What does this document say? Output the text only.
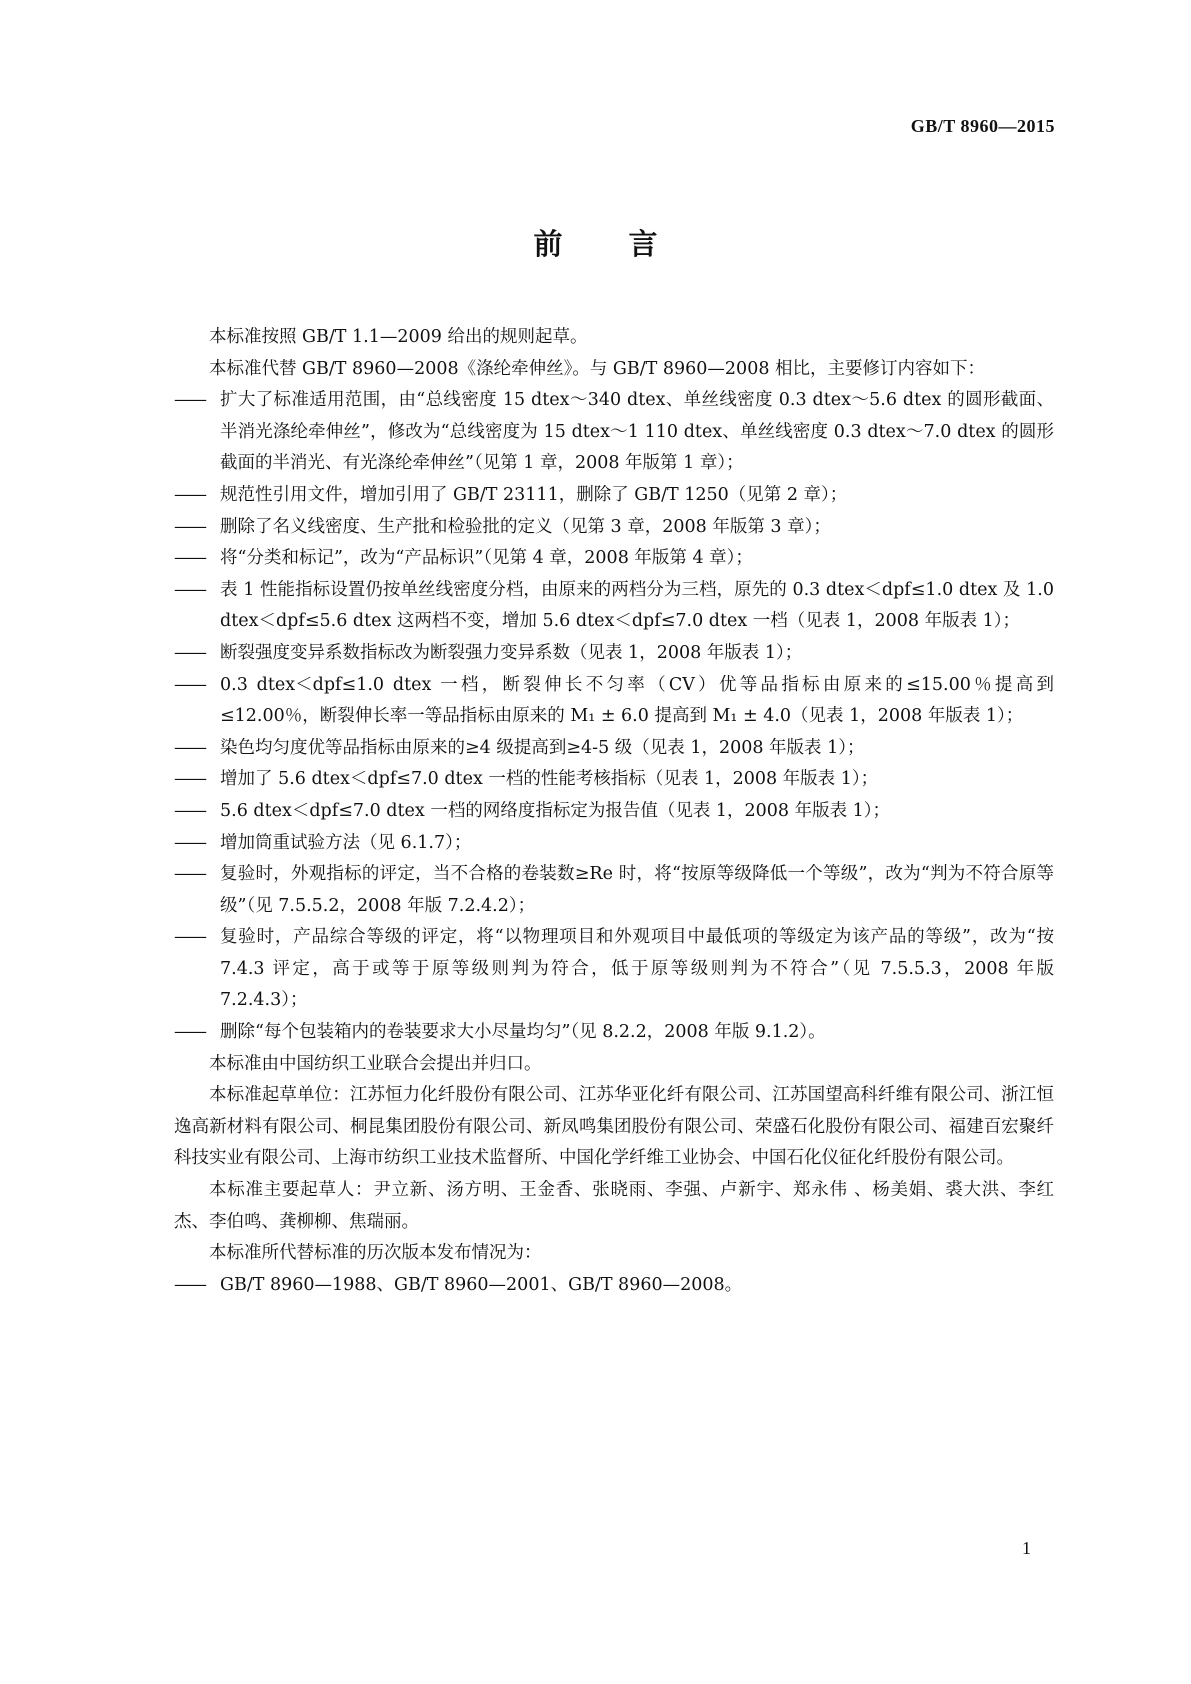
GB/T 8960—2015
前 言

本标准按照 GB/T 1.1—2009 给出的规则起草。

本标准代替 GB/T 8960—2008《涤纶牵伸丝》。与 GB/T 8960—2008 相比，主要修订内容如下：

—— 扩大了标准适用范围，由“总线密度 15 dtex～340 dtex、单丝线密度 0.3 dtex～5.6 dtex 的圆形截面、半消光涤纶牵伸丝”，修改为“总线密度为 15 dtex～1 110 dtex、单丝线密度 0.3 dtex～7.0 dtex 的圆形截面的半消光、有光涤纶牵伸丝”（见第 1 章，2008 年版第 1 章）；

—— 规范性引用文件，增加引用了 GB/T 23111，删除了 GB/T 1250（见第 2 章）；

—— 删除了名义线密度、生产批和检验批的定义（见第 3 章，2008 年版第 3 章）；

—— 将“分类和标记”，改为“产品标识”（见第 4 章，2008 年版第 4 章）；

—— 表 1 性能指标设置仍按单丝线密度分档，由原来的两档分为三档，原先的 0.3 dtex＜dpf≤1.0 dtex 及 1.0 dtex＜dpf≤5.6 dtex 这两档不变，增加 5.6 dtex＜dpf≤7.0 dtex 一档（见表 1，2008 年版表 1）；

—— 断裂强度变异系数指标改为断裂强力变异系数（见表 1，2008 年版表 1）；

—— 0.3 dtex＜dpf≤1.0 dtex 一档，断裂伸长不匀率（CV）优等品指标由原来的≤15.00％提高到≤12.00％，断裂伸长率一等品指标由原来的 M₁ ± 6.0 提高到 M₁ ± 4.0（见表 1，2008 年版表 1）；

—— 染色均匀度优等品指标由原来的≥4 级提高到≥4-5 级（见表 1，2008 年版表 1）；

—— 增加了 5.6 dtex＜dpf≤7.0 dtex 一档的性能考核指标（见表 1，2008 年版表 1）；

—— 5.6 dtex＜dpf≤7.0 dtex 一档的网络度指标定为报告值（见表 1，2008 年版表 1）；

—— 增加筒重试验方法（见 6.1.7）；

—— 复验时，外观指标的评定，当不合格的卷装数≥Re 时，将“按原等级降低一个等级”，改为“判为不符合原等级”（见 7.5.5.2，2008 年版 7.2.4.2）；

—— 复验时，产品综合等级的评定，将“以物理项目和外观项目中最低项的等级定为该产品的等级”，改为“按 7.4.3 评定，高于或等于原等级则判为符合，低于原等级则判为不符合”（见 7.5.5.3，2008 年版 7.2.4.3）；

—— 删除“每个包装箱内的卷装要求大小尽量均匀”（见 8.2.2，2008 年版 9.1.2）。

本标准由中国纺织工业联合会提出并归口。

本标准起草单位：江苏恒力化纤股份有限公司、江苏华亚化纤有限公司、江苏国望高科纤维有限公司、浙江恒逸高新材料有限公司、桐昆集团股份有限公司、新凤鸣集团股份有限公司、荣盛石化股份有限公司、福建百宏聚纤科技实业有限公司、上海市纺织工业技术监督所、中国化学纤维工业协会、中国石化仪征化纤股份有限公司。

本标准主要起草人：尹立新、汤方明、王金香、张晓雨、李强、卢新宇、郑永伟 、杨美娟、裘大洪、李红杰、李伯鸣、龚柳柳、焦瑞丽。

本标准所代替标准的历次版本发布情况为：

—— GB/T 8960—1988、GB/T 8960—2001、GB/T 8960—2008。

1
